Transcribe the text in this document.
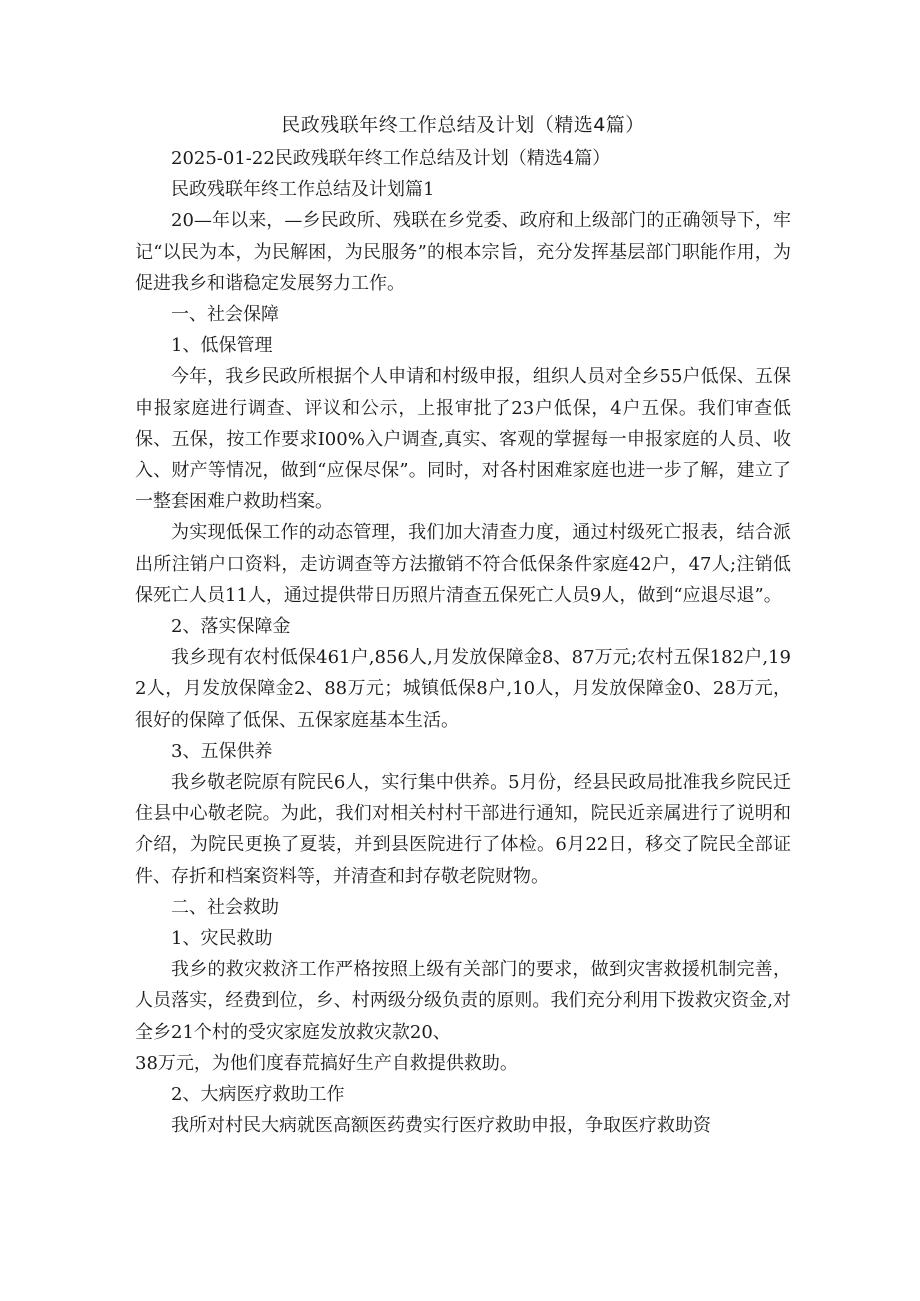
民政残联年终工作总结及计划（精选4篇）

2025-01-22民政残联年终工作总结及计划（精选4篇）

民政残联年终工作总结及计划篇1

20—年以来，—乡民政所、残联在乡党委、政府和上级部门的正确领导下，牢记“以民为本，为民解困，为民服务”的根本宗旨，充分发挥基层部门职能作用，为促进我乡和谐稳定发展努力工作。

一、社会保障

1、低保管理

今年，我乡民政所根据个人申请和村级申报，组织人员对全乡55户低保、五保申报家庭进行调查、评议和公示，上报审批了23户低保，4户五保。我们审查低保、五保，按工作要求I00%入户调查,真实、客观的掌握每一申报家庭的人员、收入、财产等情况，做到“应保尽保”。同时，对各村困难家庭也进一步了解，建立了一整套困难户救助档案。

为实现低保工作的动态管理，我们加大清查力度，通过村级死亡报表，结合派出所注销户口资料，走访调查等方法撤销不符合低保条件家庭42户，47人;注销低保死亡人员11人，通过提供带日历照片清查五保死亡人员9人，做到“应退尽退”。

2、落实保障金

我乡现有农村低保461户,856人,月发放保障金8、87万元;农村五保182户,192人，月发放保障金2、88万元；城镇低保8户,10人，月发放保障金0、28万元，很好的保障了低保、五保家庭基本生活。

3、五保供养

我乡敬老院原有院民6人，实行集中供养。5月份，经县民政局批准我乡院民迁住县中心敬老院。为此，我们对相关村村干部进行通知，院民近亲属进行了说明和介绍，为院民更换了夏装，并到县医院进行了体检。6月22日，移交了院民全部证件、存折和档案资料等，并清查和封存敬老院财物。

二、社会救助

1、灾民救助

我乡的救灾救济工作严格按照上级有关部门的要求，做到灾害救援机制完善，人员落实，经费到位，乡、村两级分级负责的原则。我们充分利用下拨救灾资金,对全乡21个村的受灾家庭发放救灾款20、

38万元，为他们度春荒搞好生产自救提供救助。

2、大病医疗救助工作

我所对村民大病就医高额医药费实行医疗救助申报，争取医疗救助资
